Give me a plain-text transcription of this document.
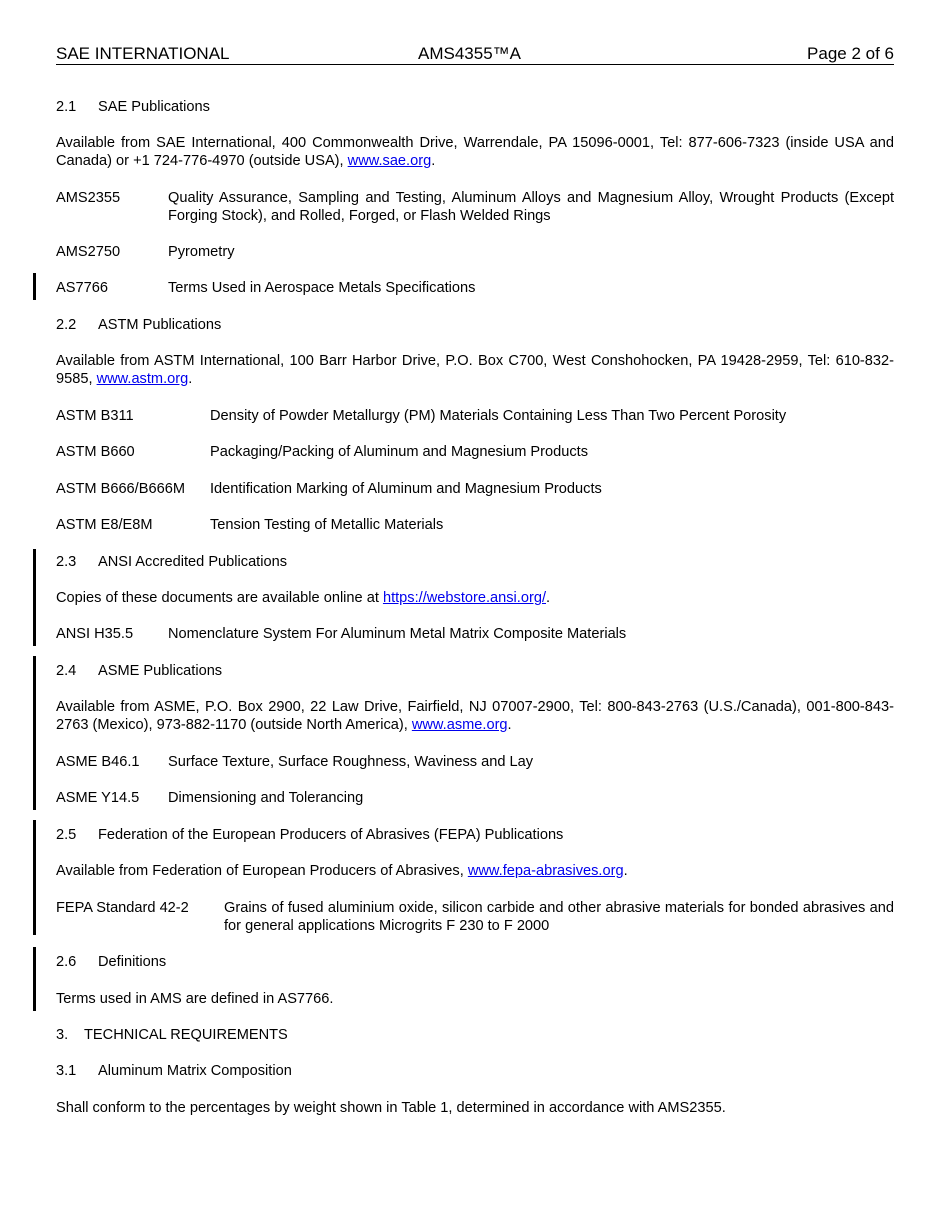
SAE INTERNATIONAL	AMS4355™A	Page 2 of 6
2.1 SAE Publications
Available from SAE International, 400 Commonwealth Drive, Warrendale, PA 15096-0001, Tel: 877-606-7323 (inside USA and Canada) or +1 724-776-4970 (outside USA), www.sae.org.
AMS2355	Quality Assurance, Sampling and Testing, Aluminum Alloys and Magnesium Alloy, Wrought Products (Except Forging Stock), and Rolled, Forged, or Flash Welded Rings
AMS2750	Pyrometry
AS7766	Terms Used in Aerospace Metals Specifications
2.2 ASTM Publications
Available from ASTM International, 100 Barr Harbor Drive, P.O. Box C700, West Conshohocken, PA 19428-2959, Tel: 610-832-9585, www.astm.org.
ASTM B311	Density of Powder Metallurgy (PM) Materials Containing Less Than Two Percent Porosity
ASTM B660	Packaging/Packing of Aluminum and Magnesium Products
ASTM B666/B666M	Identification Marking of Aluminum and Magnesium Products
ASTM E8/E8M	Tension Testing of Metallic Materials
2.3 ANSI Accredited Publications
Copies of these documents are available online at https://webstore.ansi.org/.
ANSI H35.5	Nomenclature System For Aluminum Metal Matrix Composite Materials
2.4 ASME Publications
Available from ASME, P.O. Box 2900, 22 Law Drive, Fairfield, NJ 07007-2900, Tel: 800-843-2763 (U.S./Canada), 001-800-843-2763 (Mexico), 973-882-1170 (outside North America), www.asme.org.
ASME B46.1	Surface Texture, Surface Roughness, Waviness and Lay
ASME Y14.5	Dimensioning and Tolerancing
2.5 Federation of the European Producers of Abrasives (FEPA) Publications
Available from Federation of European Producers of Abrasives, www.fepa-abrasives.org.
FEPA Standard 42-2	Grains of fused aluminium oxide, silicon carbide and other abrasive materials for bonded abrasives and for general applications Microgrits F 230 to F 2000
2.6 Definitions
Terms used in AMS are defined in AS7766.
3. TECHNICAL REQUIREMENTS
3.1 Aluminum Matrix Composition
Shall conform to the percentages by weight shown in Table 1, determined in accordance with AMS2355.
